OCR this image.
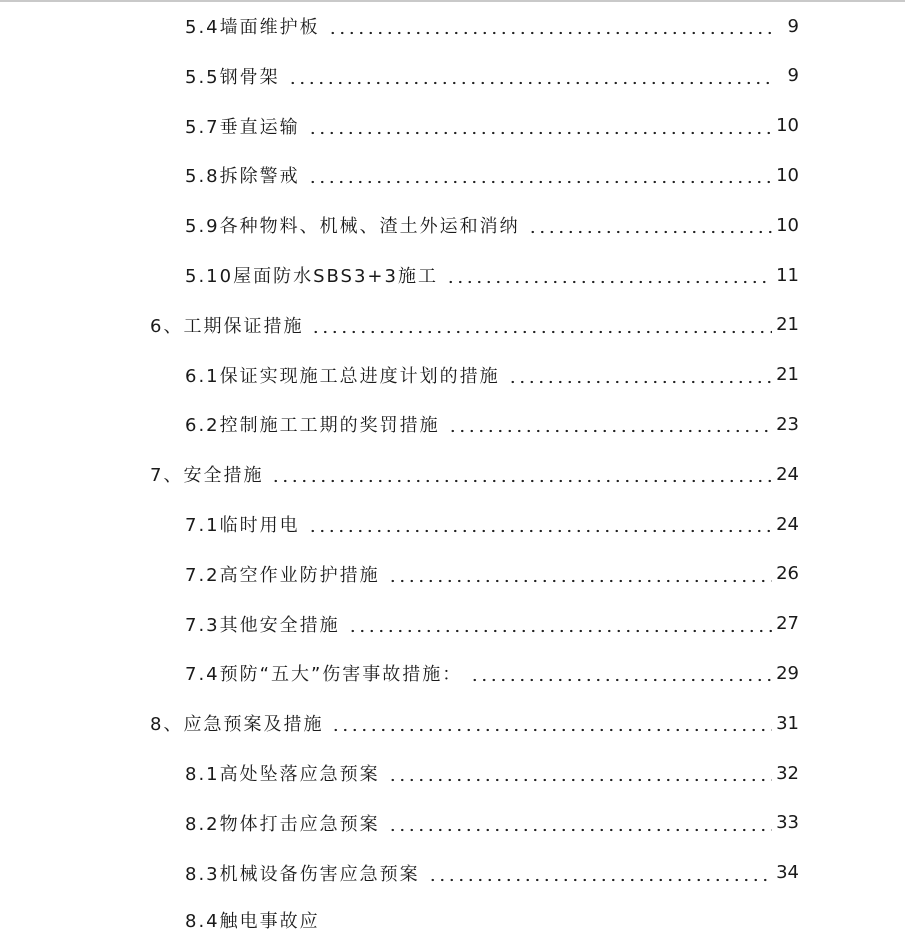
5.4墙面维护板	9
5.5钢骨架	9
5.7垂直运输	10
5.8拆除警戒	10
5.9各种物料、机械、渣土外运和消纳	10
5.10屋面防水SBS3+3施工	11
6、工期保证措施	21
6.1保证实现施工总进度计划的措施	21
6.2控制施工工期的奖罚措施	23
7、安全措施	24
7.1临时用电	24
7.2高空作业防护措施	26
7.3其他安全措施	27
7.4预防“五大”伤害事故措施：	29
8、应急预案及措施	31
8.1高处坠落应急预案	32
8.2物体打击应急预案	33
8.3机械设备伤害应急预案	34
8.4触电事故应
